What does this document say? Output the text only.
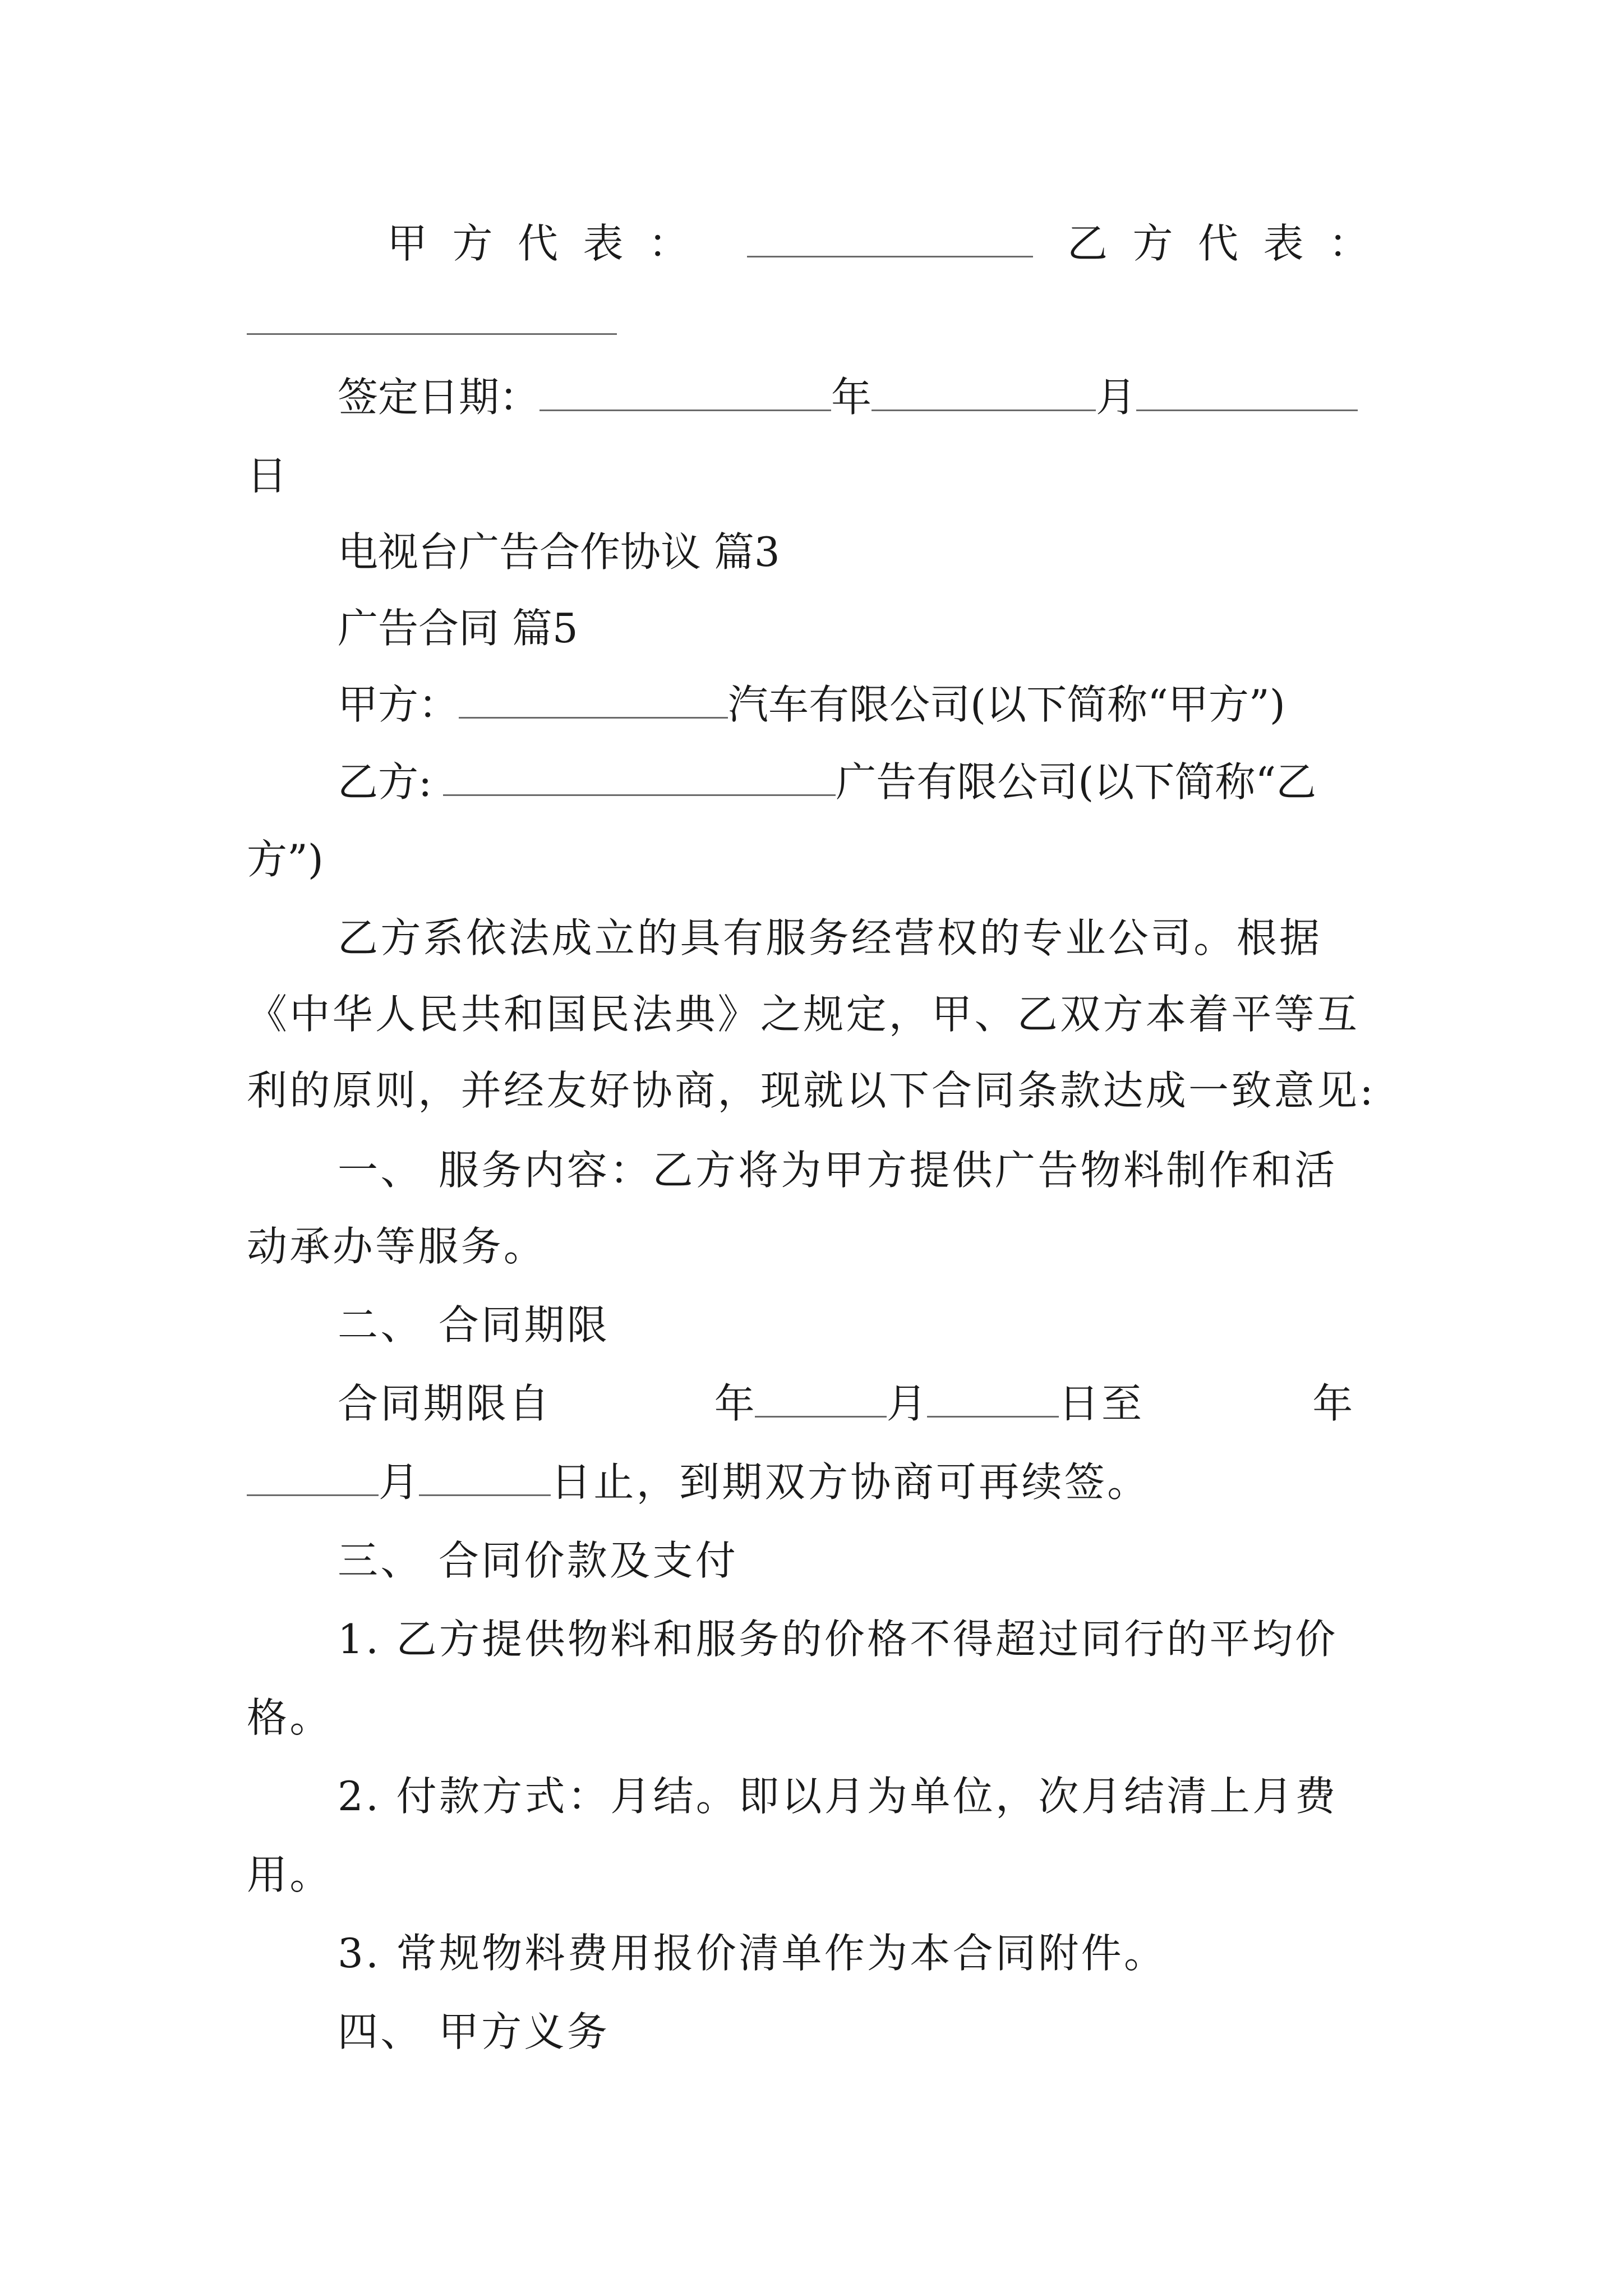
甲 方 代 表 ：	乙 方 代 表 ：
签定日期：	年	月
日
电视台广告合作协议 篇3
广告合同 篇5
甲方：	汽车有限公司(以下简称“甲方”)
乙方:	广告有限公司(以下简称“乙
方”)
乙方系依法成立的具有服务经营权的专业公司。根据
《中华人民共和国民法典》之规定，甲、乙双方本着平等互
利的原则，并经友好协商，现就以下合同条款达成一致意见:
一、 服务内容：乙方将为甲方提供广告物料制作和活
动承办等服务。
二、 合同期限
合同期限自	年	月	日至	年
月	日止，到期双方协商可再续签。
三、 合同价款及支付
1. 乙方提供物料和服务的价格不得超过同行的平均价
格。
2. 付款方式：月结。即以月为单位，次月结清上月费
用。
3. 常规物料费用报价清单作为本合同附件。
四、 甲方义务
